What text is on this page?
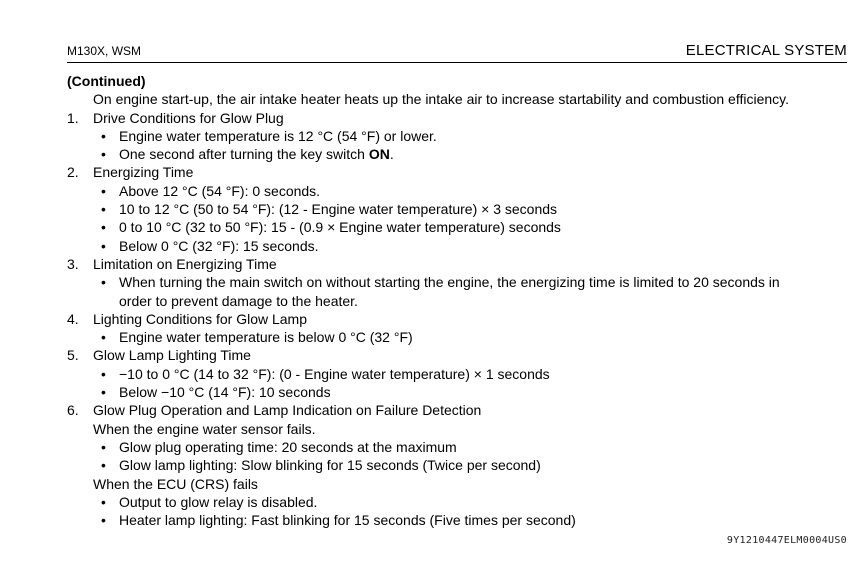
M130X, WSM	ELECTRICAL SYSTEM
(Continued)
On engine start-up, the air intake heater heats up the intake air to increase startability and combustion efficiency.
1. Drive Conditions for Glow Plug
• Engine water temperature is 12 °C (54 °F) or lower.
• One second after turning the key switch ON.
2. Energizing Time
• Above 12 °C (54 °F): 0 seconds.
• 10 to 12 °C (50 to 54 °F): (12 - Engine water temperature) × 3 seconds
• 0 to 10 °C (32 to 50 °F): 15 - (0.9 × Engine water temperature) seconds
• Below 0 °C (32 °F): 15 seconds.
3. Limitation on Energizing Time
• When turning the main switch on without starting the engine, the energizing time is limited to 20 seconds in
order to prevent damage to the heater.
4. Lighting Conditions for Glow Lamp
• Engine water temperature is below 0 °C (32 °F)
5. Glow Lamp Lighting Time
• −10 to 0 °C (14 to 32 °F): (0 - Engine water temperature) × 1 seconds
• Below −10 °C (14 °F): 10 seconds
6. Glow Plug Operation and Lamp Indication on Failure Detection
When the engine water sensor fails.
• Glow plug operating time: 20 seconds at the maximum
• Glow lamp lighting: Slow blinking for 15 seconds (Twice per second)
When the ECU (CRS) fails
• Output to glow relay is disabled.
• Heater lamp lighting: Fast blinking for 15 seconds (Five times per second)
9Y1210447ELM0004US0
